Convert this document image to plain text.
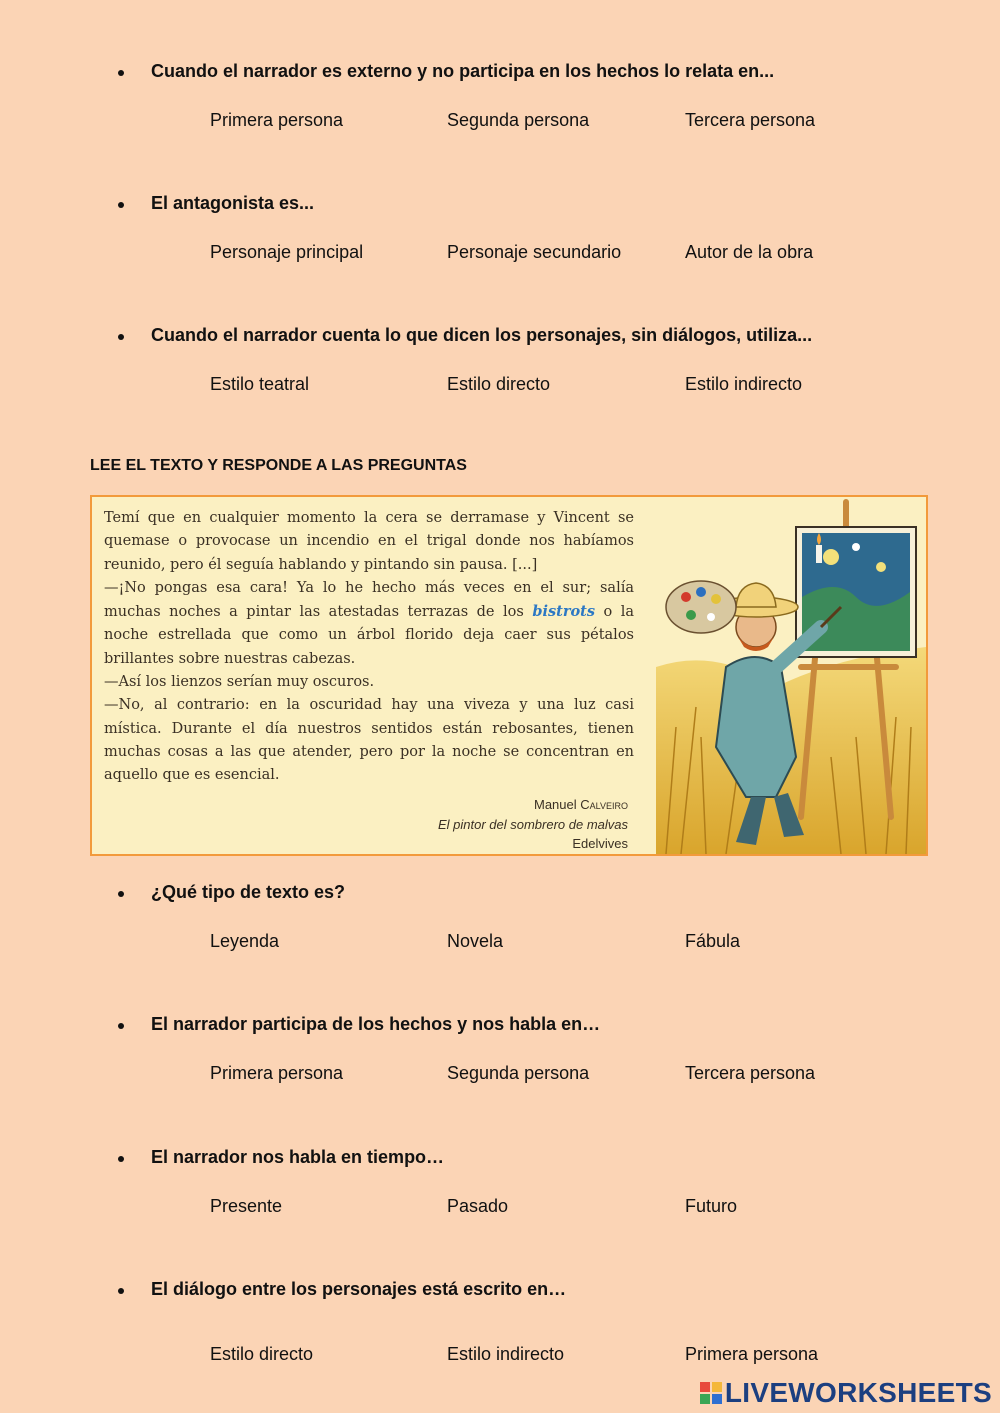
Cuando el narrador es externo y no participa en los hechos lo relata en...
Primera persona	Segunda persona	Tercera persona
El antagonista es...
Personaje principal	Personaje secundario	Autor de la obra
Cuando el narrador cuenta lo que dicen los personajes, sin diálogos, utiliza...
Estilo teatral	Estilo directo	Estilo indirecto
LEE EL TEXTO Y RESPONDE A LAS PREGUNTAS

Temí que en cualquier momento la cera se derramase y Vincent se quemase o provocase un incendio en el trigal donde nos habíamos reunido, pero él seguía hablando y pintando sin pausa. [...]

—¡No pongas esa cara! Ya lo he hecho más veces en el sur; salía muchas noches a pintar las atestadas terrazas de los bistrots o la noche estrellada que como un árbol florido deja caer sus pétalos brillantes sobre nuestras cabezas.

—Así los lienzos serían muy oscuros.

—No, al contrario: en la oscuridad hay una viveza y una luz casi mística. Durante el día nuestros sentidos están rebosantes, tienen muchas cosas a las que atender, pero por la noche se concentran en aquello que es esencial.

Manuel Calveiro
El pintor del sombrero de malvas
Edelvives
¿Qué tipo de texto es?
Leyenda	Novela	Fábula
El narrador participa de los hechos y nos habla en…
Primera persona	Segunda persona	Tercera persona
El narrador nos habla en tiempo…
Presente	Pasado	Futuro
El diálogo entre los personajes está escrito en…
Estilo directo	Estilo indirecto	Primera persona
LIVEWORKSHEETS
